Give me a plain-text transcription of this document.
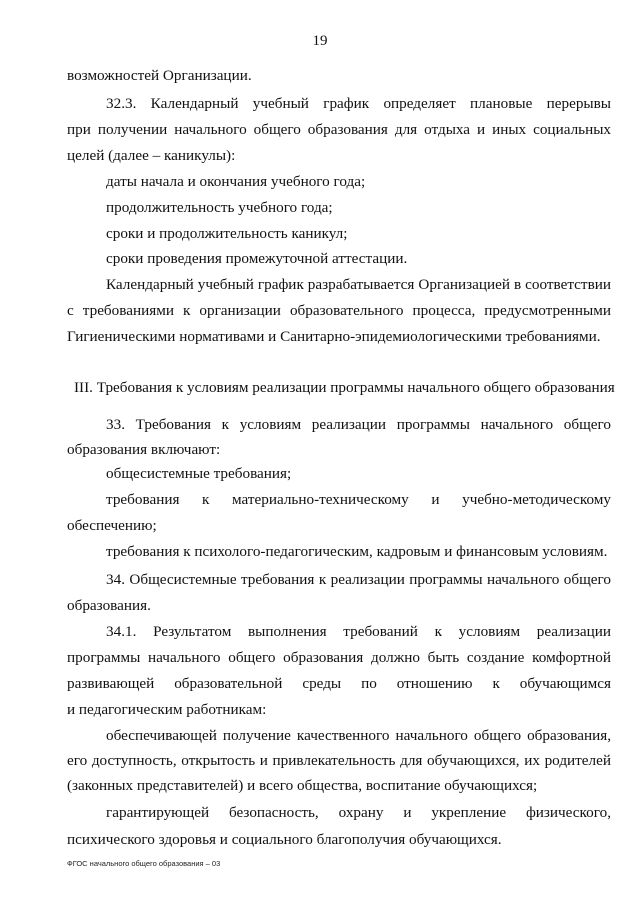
19
возможностей Организации.
32.3. Календарный учебный график определяет плановые перерывы
при получении начального общего образования для отдыха и иных социальных
целей (далее – каникулы):
даты начала и окончания учебного года;
продолжительность учебного года;
сроки и продолжительность каникул;
сроки проведения промежуточной аттестации.
Календарный учебный график разрабатывается Организацией в соответствии
с требованиями к организации образовательного процесса, предусмотренными
Гигиеническими нормативами и Санитарно-эпидемиологическими требованиями.
III. Требования к условиям реализации программы начального общего образования
33. Требования к условиям реализации программы начального общего
образования включают:
общесистемные требования;
требования к материально-техническому и учебно-методическому
обеспечению;
требования к психолого-педагогическим, кадровым и финансовым условиям.
34. Общесистемные требования к реализации программы начального общего
образования.
34.1. Результатом выполнения требований к условиям реализации
программы начального общего образования должно быть создание комфортной
развивающей образовательной среды по отношению к обучающимся
и педагогическим работникам:
обеспечивающей получение качественного начального общего образования,
его доступность, открытость и привлекательность для обучающихся, их родителей
(законных представителей) и всего общества, воспитание обучающихся;
гарантирующей безопасность, охрану и укрепление физического,
психического здоровья и социального благополучия обучающихся.
ФГОС начального общего образования – 03
